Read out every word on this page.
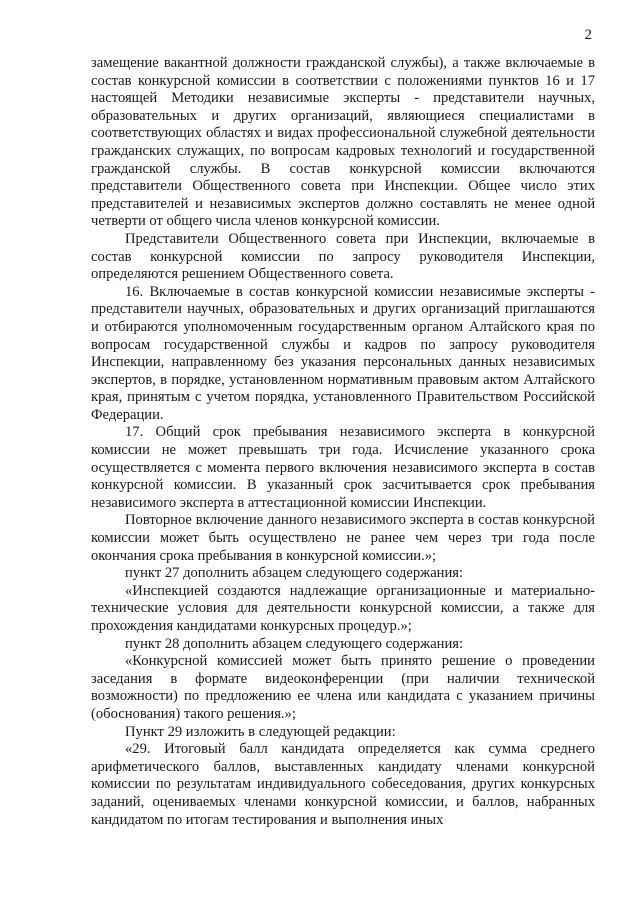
2

замещение вакантной должности гражданской службы), а также включаемые в состав конкурсной комиссии в соответствии с положениями пунктов 16 и 17 настоящей Методики независимые эксперты - представители научных, образовательных и других организаций, являющиеся специалистами в соответствующих областях и видах профессиональной служебной деятельности гражданских служащих, по вопросам кадровых технологий и государственной гражданской службы. В состав конкурсной комиссии включаются представители Общественного совета при Инспекции. Общее число этих представителей и независимых экспертов должно составлять не менее одной четверти от общего числа членов конкурсной комиссии.

Представители Общественного совета при Инспекции, включаемые в состав конкурсной комиссии по запросу руководителя Инспекции, определяются решением Общественного совета.

16. Включаемые в состав конкурсной комиссии независимые эксперты - представители научных, образовательных и других организаций приглашаются и отбираются уполномоченным государственным органом Алтайского края по вопросам государственной службы и кадров по запросу руководителя Инспекции, направленному без указания персональных данных независимых экспертов, в порядке, установленном нормативным правовым актом Алтайского края, принятым с учетом порядка, установленного Правительством Российской Федерации.

17. Общий срок пребывания независимого эксперта в конкурсной комиссии не может превышать три года. Исчисление указанного срока осуществляется с момента первого включения независимого эксперта в состав конкурсной комиссии. В указанный срок засчитывается срок пребывания независимого эксперта в аттестационной комиссии Инспекции.

Повторное включение данного независимого эксперта в состав конкурсной комиссии может быть осуществлено не ранее чем через три года после окончания срока пребывания в конкурсной комиссии.»;

пункт 27 дополнить абзацем следующего содержания:

«Инспекцией создаются надлежащие организационные и материально-технические условия для деятельности конкурсной комиссии, а также для прохождения кандидатами конкурсных процедур.»;

пункт 28 дополнить абзацем следующего содержания:

«Конкурсной комиссией может быть принято решение о проведении заседания в формате видеоконференции (при наличии технической возможности) по предложению ее члена или кандидата с указанием причины (обоснования) такого решения.»;

Пункт 29 изложить в следующей редакции:

«29. Итоговый балл кандидата определяется как сумма среднего арифметического баллов, выставленных кандидату членами конкурсной комиссии по результатам индивидуального собеседования, других конкурсных заданий, оцениваемых членами конкурсной комиссии, и баллов, набранных кандидатом по итогам тестирования и выполнения иных
